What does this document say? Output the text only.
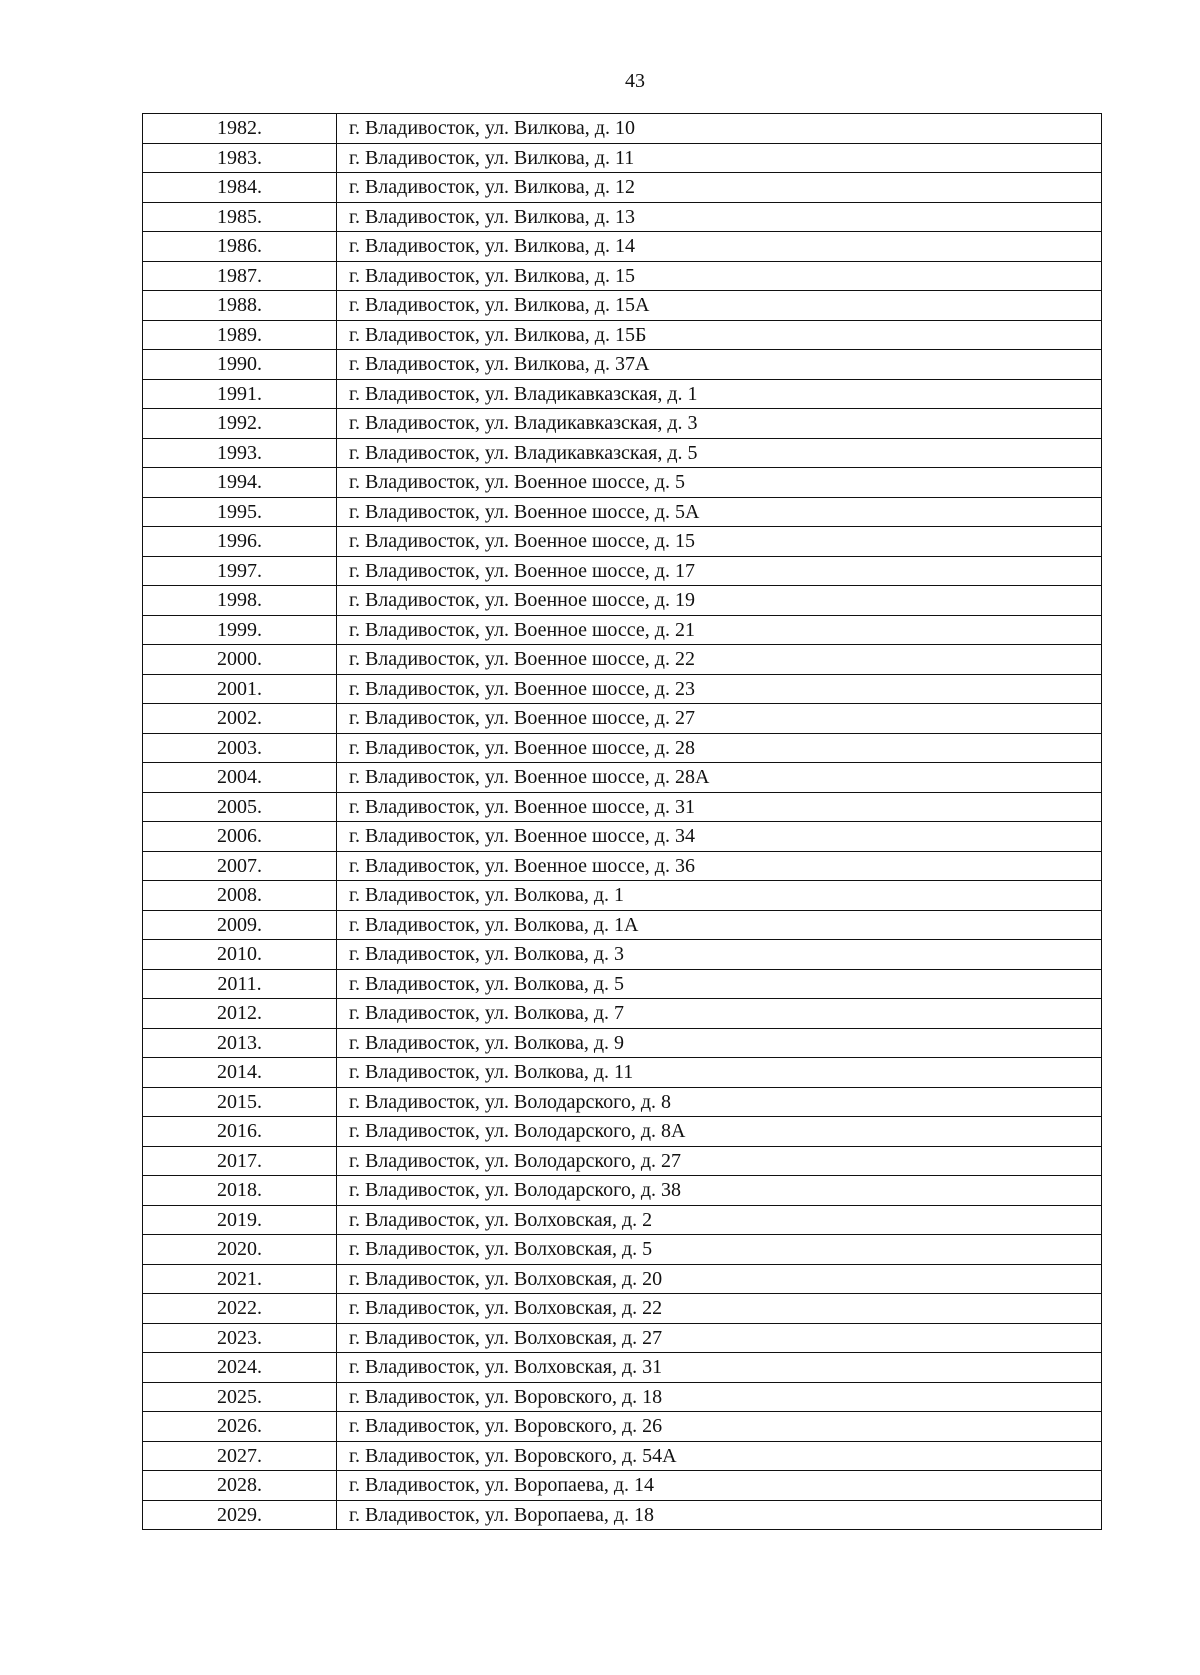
43
1982.	г. Владивосток, ул. Вилкова, д. 10
1983.	г. Владивосток, ул. Вилкова, д. 11
1984.	г. Владивосток, ул. Вилкова, д. 12
1985.	г. Владивосток, ул. Вилкова, д. 13
1986.	г. Владивосток, ул. Вилкова, д. 14
1987.	г. Владивосток, ул. Вилкова, д. 15
1988.	г. Владивосток, ул. Вилкова, д. 15А
1989.	г. Владивосток, ул. Вилкова, д. 15Б
1990.	г. Владивосток, ул. Вилкова, д. 37А
1991.	г. Владивосток, ул. Владикавказская, д. 1
1992.	г. Владивосток, ул. Владикавказская, д. 3
1993.	г. Владивосток, ул. Владикавказская, д. 5
1994.	г. Владивосток, ул. Военное шоссе, д. 5
1995.	г. Владивосток, ул. Военное шоссе, д. 5А
1996.	г. Владивосток, ул. Военное шоссе, д. 15
1997.	г. Владивосток, ул. Военное шоссе, д. 17
1998.	г. Владивосток, ул. Военное шоссе, д. 19
1999.	г. Владивосток, ул. Военное шоссе, д. 21
2000.	г. Владивосток, ул. Военное шоссе, д. 22
2001.	г. Владивосток, ул. Военное шоссе, д. 23
2002.	г. Владивосток, ул. Военное шоссе, д. 27
2003.	г. Владивосток, ул. Военное шоссе, д. 28
2004.	г. Владивосток, ул. Военное шоссе, д. 28А
2005.	г. Владивосток, ул. Военное шоссе, д. 31
2006.	г. Владивосток, ул. Военное шоссе, д. 34
2007.	г. Владивосток, ул. Военное шоссе, д. 36
2008.	г. Владивосток, ул. Волкова, д. 1
2009.	г. Владивосток, ул. Волкова, д. 1А
2010.	г. Владивосток, ул. Волкова, д. 3
2011.	г. Владивосток, ул. Волкова, д. 5
2012.	г. Владивосток, ул. Волкова, д. 7
2013.	г. Владивосток, ул. Волкова, д. 9
2014.	г. Владивосток, ул. Волкова, д. 11
2015.	г. Владивосток, ул. Володарского, д. 8
2016.	г. Владивосток, ул. Володарского, д. 8А
2017.	г. Владивосток, ул. Володарского, д. 27
2018.	г. Владивосток, ул. Володарского, д. 38
2019.	г. Владивосток, ул. Волховская, д. 2
2020.	г. Владивосток, ул. Волховская, д. 5
2021.	г. Владивосток, ул. Волховская, д. 20
2022.	г. Владивосток, ул. Волховская, д. 22
2023.	г. Владивосток, ул. Волховская, д. 27
2024.	г. Владивосток, ул. Волховская, д. 31
2025.	г. Владивосток, ул. Воровского, д. 18
2026.	г. Владивосток, ул. Воровского, д. 26
2027.	г. Владивосток, ул. Воровского, д. 54А
2028.	г. Владивосток, ул. Воропаева, д. 14
2029.	г. Владивосток, ул. Воропаева, д. 18
